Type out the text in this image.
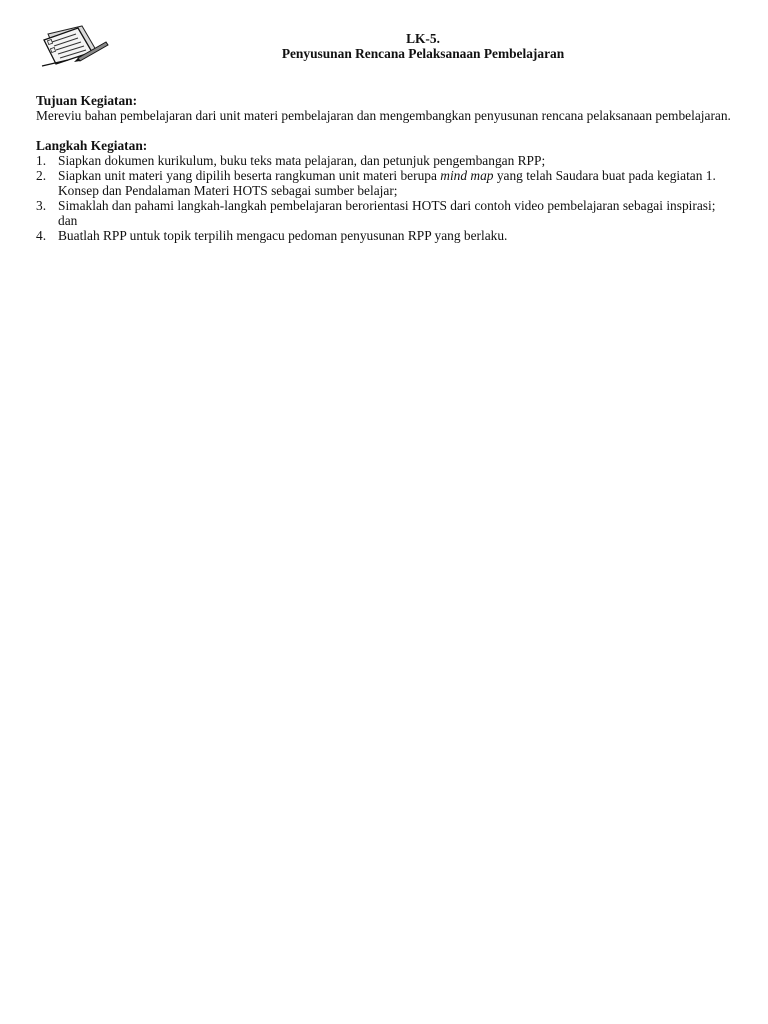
LK-5.
Penyusunan Rencana Pelaksanaan Pembelajaran
Tujuan Kegiatan:

Mereviu bahan pembelajaran dari unit materi pembelajaran dan mengembangkan penyusunan rencana pelaksanaan pembelajaran.

Langkah Kegiatan:
1. Siapkan dokumen kurikulum, buku teks mata pelajaran, dan petunjuk pengembangan RPP;
2. Siapkan unit materi yang dipilih beserta rangkuman unit materi berupa mind map yang telah Saudara buat pada kegiatan 1. Konsep dan Pendalaman Materi HOTS sebagai sumber belajar;
3. Simaklah dan pahami langkah-langkah pembelajaran berorientasi HOTS dari contoh video pembelajaran sebagai inspirasi; dan
4. Buatlah RPP untuk topik terpilih mengacu pedoman penyusunan RPP yang berlaku.
